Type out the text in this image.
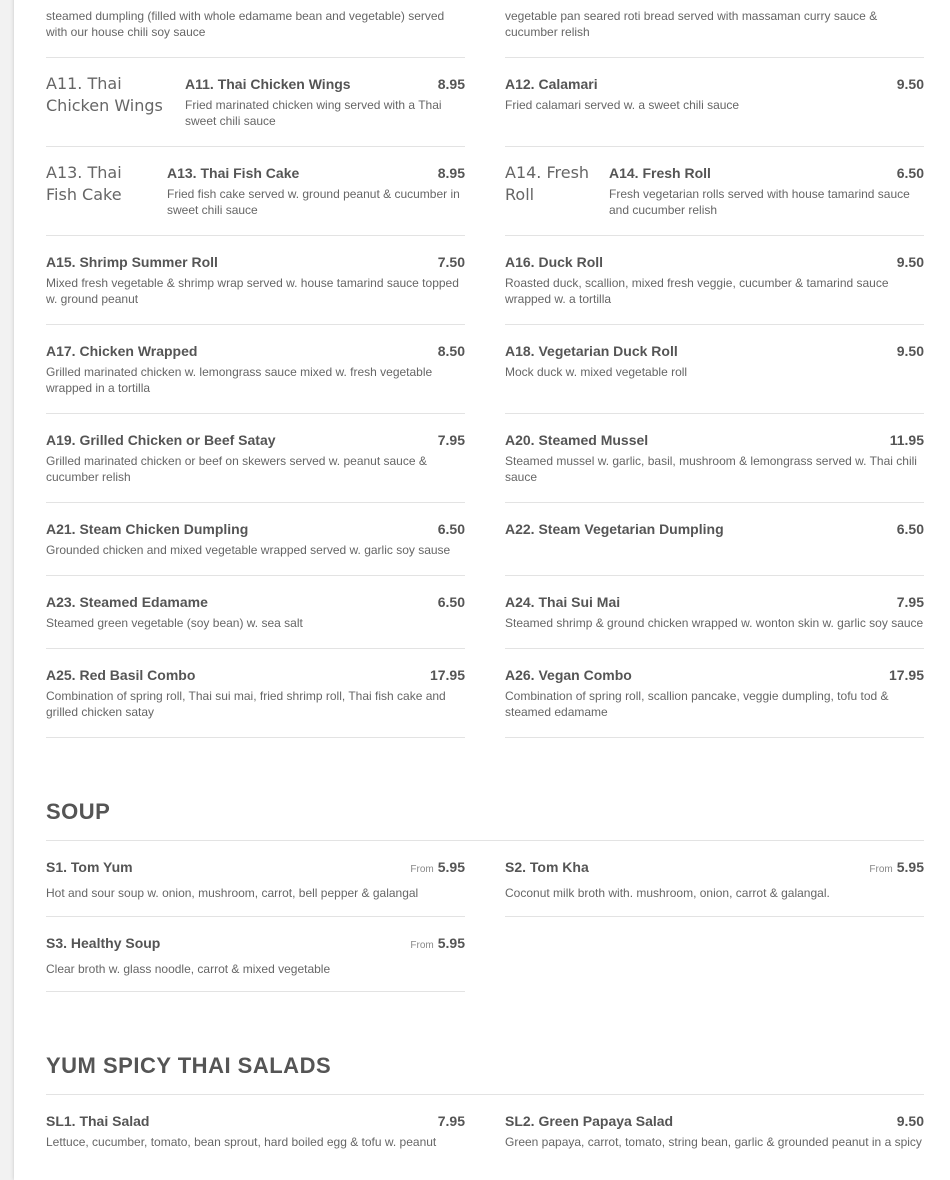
steamed dumpling (filled with whole edamame bean and vegetable) served with our house chili soy sauce
vegetable pan seared roti bread served with massaman curry sauce & cucumber relish
A11. Thai Chicken Wings
A11. Thai Chicken Wings	8.95
Fried marinated chicken wing served with a Thai sweet chili sauce
A12. Calamari	9.50
Fried calamari served w. a sweet chili sauce
A13. Thai Fish Cake
A13. Thai Fish Cake	8.95
Fried fish cake served w. ground peanut & cucumber in sweet chili sauce
A14. Fresh Roll
A14. Fresh Roll	6.50
Fresh vegetarian rolls served with house tamarind sauce and cucumber relish
A15. Shrimp Summer Roll	7.50
Mixed fresh vegetable & shrimp wrap served w. house tamarind sauce topped w. ground peanut
A16. Duck Roll	9.50
Roasted duck, scallion, mixed fresh veggie, cucumber & tamarind sauce wrapped w. a tortilla
A17. Chicken Wrapped	8.50
Grilled marinated chicken w. lemongrass sauce mixed w. fresh vegetable wrapped in a tortilla
A18. Vegetarian Duck Roll	9.50
Mock duck w. mixed vegetable roll
A19. Grilled Chicken or Beef Satay	7.95
Grilled marinated chicken or beef on skewers served w. peanut sauce & cucumber relish
A20. Steamed Mussel	11.95
Steamed mussel w. garlic, basil, mushroom & lemongrass served w. Thai chili sauce
A21. Steam Chicken Dumpling	6.50
Grounded chicken and mixed vegetable wrapped served w. garlic soy sause
A22. Steam Vegetarian Dumpling	6.50
A23. Steamed Edamame	6.50
Steamed green vegetable (soy bean) w. sea salt
A24. Thai Sui Mai	7.95
Steamed shrimp & ground chicken wrapped w. wonton skin w. garlic soy sauce
A25. Red Basil Combo	17.95
Combination of spring roll, Thai sui mai, fried shrimp roll, Thai fish cake and grilled chicken satay
A26. Vegan Combo	17.95
Combination of spring roll, scallion pancake, veggie dumpling, tofu tod & steamed edamame
SOUP
S1. Tom Yum	From 5.95
Hot and sour soup w. onion, mushroom, carrot, bell pepper & galangal
S2. Tom Kha	From 5.95
Coconut milk broth with. mushroom, onion, carrot & galangal.
S3. Healthy Soup	From 5.95
Clear broth w. glass noodle, carrot & mixed vegetable
YUM SPICY THAI SALADS
SL1. Thai Salad	7.95
Lettuce, cucumber, tomato, bean sprout, hard boiled egg & tofu w. peanut
SL2. Green Papaya Salad	9.50
Green papaya, carrot, tomato, string bean, garlic & grounded peanut in a spicy
